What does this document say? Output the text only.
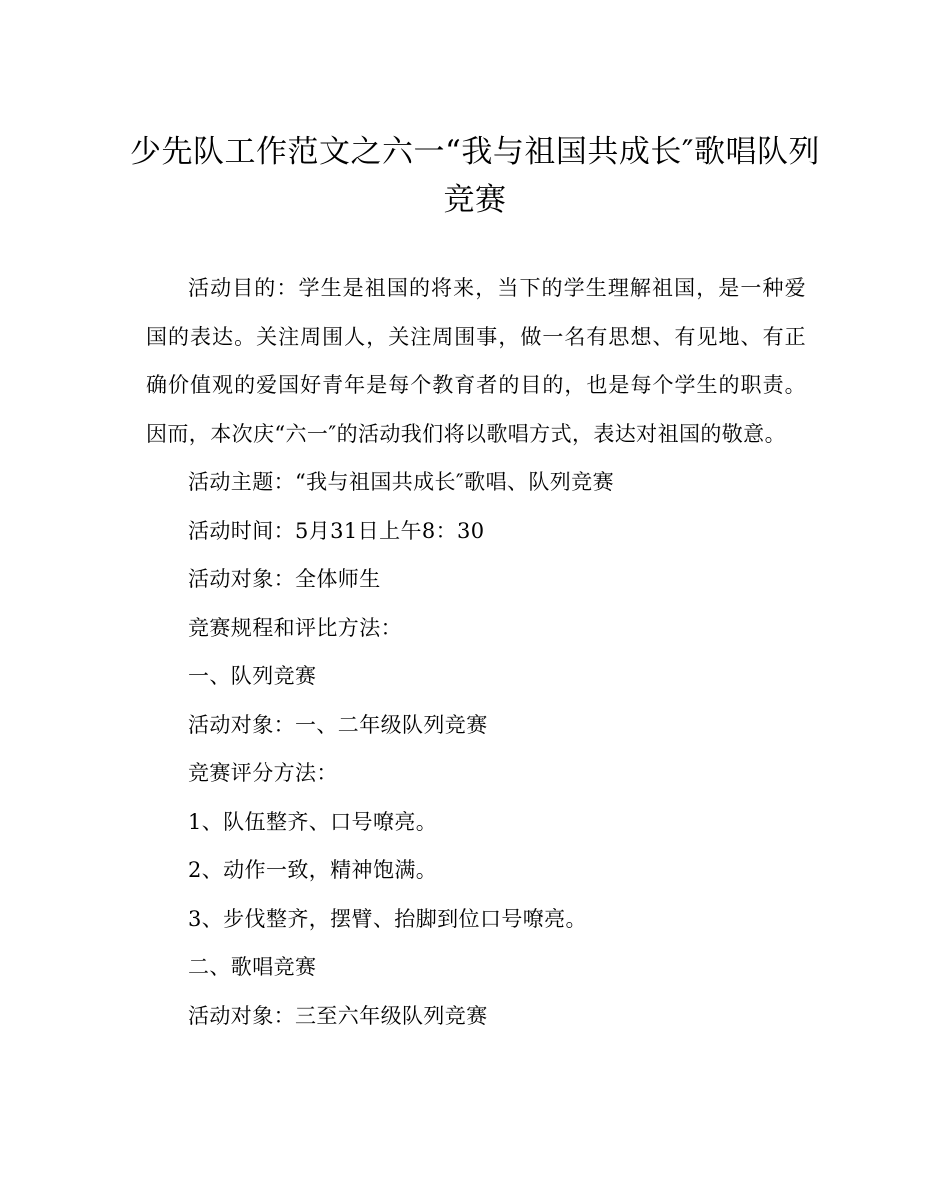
少先队工作范文之六一“我与祖国共成长″歌唱队列
竞赛

活动目的：学生是祖国的将来，当下的学生理解祖国，是一种爱国的表达。关注周围人，关注周围事，做一名有思想、有见地、有正确价值观的爱国好青年是每个教育者的目的，也是每个学生的职责。因而，本次庆“六一″的活动我们将以歌唱方式，表达对祖国的敬意。

活动主题：“我与祖国共成长″歌唱、队列竞赛

活动时间：5月31日上午8：30

活动对象：全体师生

竞赛规程和评比方法：

一、队列竞赛

活动对象：一、二年级队列竞赛

竞赛评分方法：

1、队伍整齐、口号嘹亮。

2、动作一致，精神饱满。

3、步伐整齐，摆臂、抬脚到位口号嘹亮。

二、歌唱竞赛

活动对象：三至六年级队列竞赛
